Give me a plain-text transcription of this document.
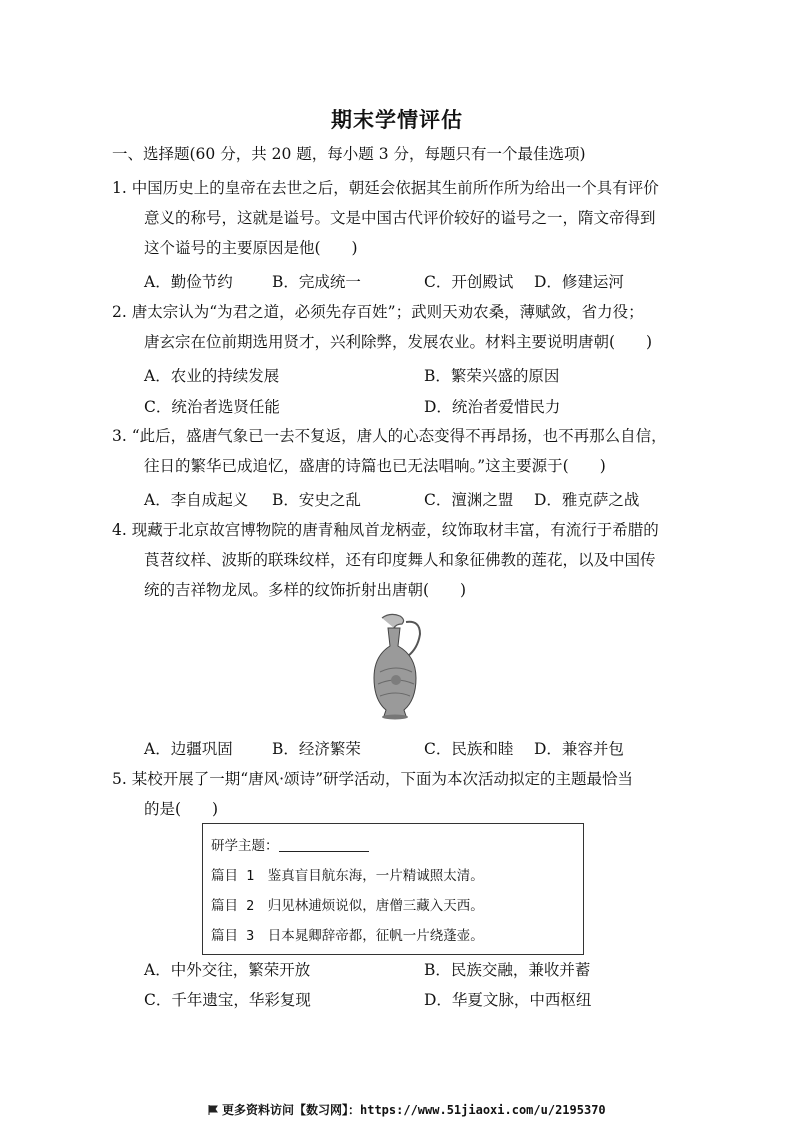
期末学情评估
一、选择题(60 分，共 20 题，每小题 3 分，每题只有一个最佳选项)
1. 中国历史上的皇帝在去世之后，朝廷会依据其生前所作所为给出一个具有评价
意义的称号，这就是谥号。文是中国古代评价较好的谥号之一，隋文帝得到
这个谥号的主要原因是他(　　)
A．勤俭节约	B．完成统一	C．开创殿试 D．修建运河
2. 唐太宗认为“为君之道，必须先存百姓”；武则天劝农桑，薄赋敛，省力役；
唐玄宗在位前期选用贤才，兴利除弊，发展农业。材料主要说明唐朝(　　)
A．农业的持续发展	B．繁荣兴盛的原因
C．统治者选贤任能	D．统治者爱惜民力
3. “此后，盛唐气象已一去不复返，唐人的心态变得不再昂扬，也不再那么自信，
往日的繁华已成追忆，盛唐的诗篇也已无法唱响。”这主要源于(　　)
A．李自成起义 B．安史之乱	C．澶渊之盟 D．雅克萨之战
4. 现藏于北京故宫博物院的唐青釉凤首龙柄壶，纹饰取材丰富，有流行于希腊的
莨苕纹样、波斯的联珠纹样，还有印度舞人和象征佛教的莲花，以及中国传
统的吉祥物龙凤。多样的纹饰折射出唐朝(　　)
A．边疆巩固	B．经济繁荣	C．民族和睦 D．兼容并包
5. 某校开展了一期“唐风·颂诗”研学活动，下面为本次活动拟定的主题最恰当
的是(　　)
研学主题：
篇目 1　鉴真盲目航东海，一片精诚照太清。
篇目 2　归见林逋烦说似，唐僧三藏入天西。
篇目 3　日本晁卿辞帝都，征帆一片绕蓬壶。
A．中外交往，繁荣开放	B．民族交融，兼收并蓄
C．千年遗宝，华彩复现	D．华夏文脉，中西枢纽
更多资料访问【数习网】：https://www.51jiaoxi.com/u/2195370
